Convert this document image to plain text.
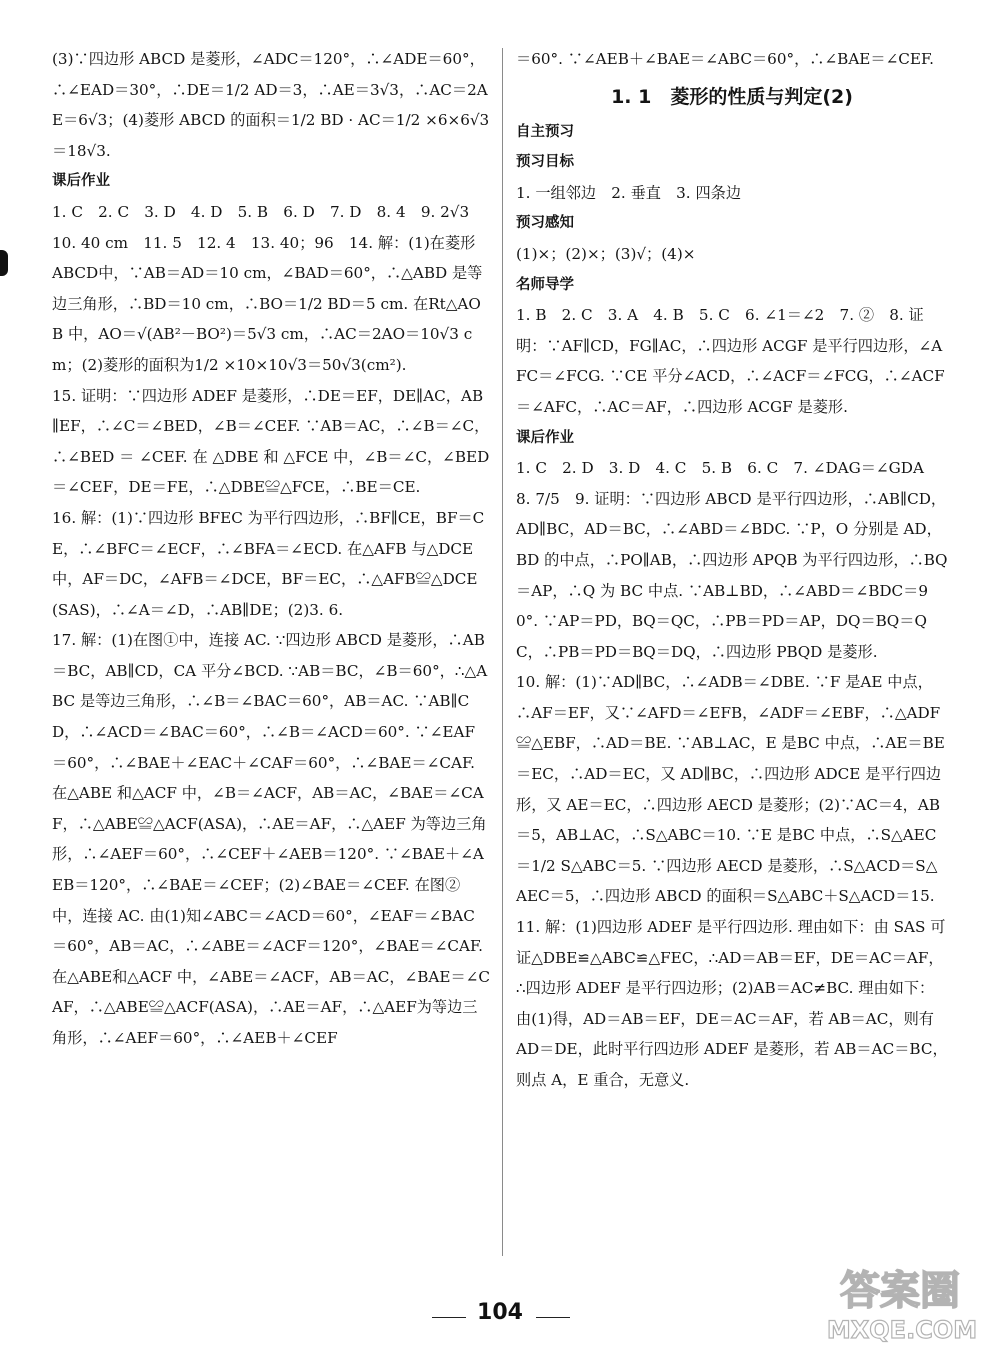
(3)∵四边形 ABCD 是菱形，∠ADC＝120°，∴∠ADE＝60°，∴∠EAD＝30°，∴DE＝1/2 AD＝3，∴AE＝3√3，∴AC＝2AE＝6√3；(4)菱形 ABCD 的面积＝1/2 BD · AC＝1/2 ×6×6√3＝18√3.

课后作业

1. C　2. C　3. D　4. D　5. B　6. D　7. D　8. 4　9. 2√3

10. 40 cm　11. 5　12. 4　13. 40；96　14. 解：(1)在菱形 ABCD中，∵AB＝AD＝10 cm，∠BAD＝60°，∴△ABD 是等边三角形，∴BD＝10 cm，∴BO＝1/2 BD＝5 cm. 在Rt△AOB 中，AO＝√(AB²－BO²)＝5√3 cm，∴AC＝2AO＝10√3 cm；(2)菱形的面积为1/2 ×10×10√3＝50√3(cm²).

15. 证明：∵四边形 ADEF 是菱形，∴DE＝EF，DE∥AC，AB∥EF，∴∠C＝∠BED，∠B＝∠CEF. ∵AB＝AC，∴∠B＝∠C，∴∠BED ＝ ∠CEF. 在 △DBE 和 △FCE 中，∠B＝∠C，∠BED＝∠CEF，DE＝FE，∴△DBE≌△FCE，∴BE＝CE.

16. 解：(1)∵四边形 BFEC 为平行四边形，∴BF∥CE，BF＝CE，∴∠BFC＝∠ECF，∴∠BFA＝∠ECD. 在△AFB 与△DCE 中，AF＝DC，∠AFB＝∠DCE，BF＝EC，∴△AFB≌△DCE(SAS)，∴∠A＝∠D，∴AB∥DE；(2)3. 6.

17. 解：(1)在图①中，连接 AC. ∵四边形 ABCD 是菱形，∴AB＝BC，AB∥CD，CA 平分∠BCD. ∵AB＝BC，∠B＝60°，∴△ABC 是等边三角形，∴∠B＝∠BAC＝60°，AB＝AC. ∵AB∥CD，∴∠ACD＝∠BAC＝60°，∴∠B＝∠ACD＝60°. ∵∠EAF＝60°，∴∠BAE＋∠EAC＋∠CAF＝60°，∴∠BAE＝∠CAF. 在△ABE 和△ACF 中，∠B＝∠ACF，AB＝AC，∠BAE＝∠CAF，∴△ABE≌△ACF(ASA)，∴AE＝AF，∴△AEF 为等边三角形，∴∠AEF＝60°，∴∠CEF＋∠AEB＝120°. ∵∠BAE＋∠AEB＝120°，∴∠BAE＝∠CEF；(2)∠BAE＝∠CEF. 在图②中，连接 AC. 由(1)知∠ABC＝∠ACD＝60°，∠EAF＝∠BAC＝60°，AB＝AC，∴∠ABE＝∠ACF＝120°，∠BAE＝∠CAF. 在△ABE和△ACF 中，∠ABE＝∠ACF，AB＝AC，∠BAE＝∠CAF，∴△ABE≌△ACF(ASA)，∴AE＝AF，∴△AEF为等边三角形，∴∠AEF＝60°，∴∠AEB＋∠CEF

＝60°. ∵∠AEB＋∠BAE＝∠ABC＝60°，∴∠BAE＝∠CEF.

1. 1　菱形的性质与判定(2)

自主预习

预习目标

1. 一组邻边　2. 垂直　3. 四条边

预习感知

(1)×；(2)×；(3)√；(4)×

名师导学

1. B　2. C　3. A　4. B　5. C　6. ∠1＝∠2　7. ②　8. 证明：∵AF∥CD，FG∥AC，∴四边形 ACGF 是平行四边形，∠AFC＝∠FCG. ∵CE 平分∠ACD，∴∠ACF＝∠FCG，∴∠ACF＝∠AFC，∴AC＝AF，∴四边形 ACGF 是菱形.

课后作业

1. C　2. D　3. D　4. C　5. B　6. C　7. ∠DAG＝∠GDA

8. 7/5　9. 证明：∵四边形 ABCD 是平行四边形，∴AB∥CD，AD∥BC，AD＝BC，∴∠ABD＝∠BDC. ∵P，O 分别是 AD，BD 的中点，∴PO∥AB，∴四边形 APQB 为平行四边形，∴BQ＝AP，∴Q 为 BC 中点. ∵AB⊥BD，∴∠ABD＝∠BDC＝90°. ∵AP＝PD，BQ＝QC，∴PB＝PD＝AP，DQ＝BQ＝QC，∴PB＝PD＝BQ＝DQ，∴四边形 PBQD 是菱形.

10. 解：(1)∵AD∥BC，∴∠ADB＝∠DBE. ∵F 是AE 中点，∴AF＝EF，又∵∠AFD＝∠EFB，∠ADF＝∠EBF，∴△ADF≌△EBF，∴AD＝BE. ∵AB⊥AC，E 是BC 中点，∴AE＝BE＝EC，∴AD＝EC，又 AD∥BC，∴四边形 ADCE 是平行四边形，又 AE＝EC，∴四边形 AECD 是菱形；(2)∵AC＝4，AB＝5，AB⊥AC，∴S△ABC＝10. ∵E 是BC 中点，∴S△AEC＝1/2 S△ABC＝5. ∵四边形 AECD 是菱形，∴S△ACD＝S△AEC＝5，∴四边形 ABCD 的面积＝S△ABC＋S△ACD＝15.　11. 解：(1)四边形 ADEF 是平行四边形. 理由如下：由 SAS 可证△DBE≌△ABC≌△FEC，∴AD＝AB＝EF，DE＝AC＝AF，∴四边形 ADEF 是平行四边形；(2)AB＝AC≠BC. 理由如下：由(1)得，AD＝AB＝EF，DE＝AC＝AF，若 AB＝AC，则有 AD＝DE，此时平行四边形 ADEF 是菱形，若 AB＝AC＝BC，则点 A，E 重合，无意义.

104	答案圈
MXQE.COM
